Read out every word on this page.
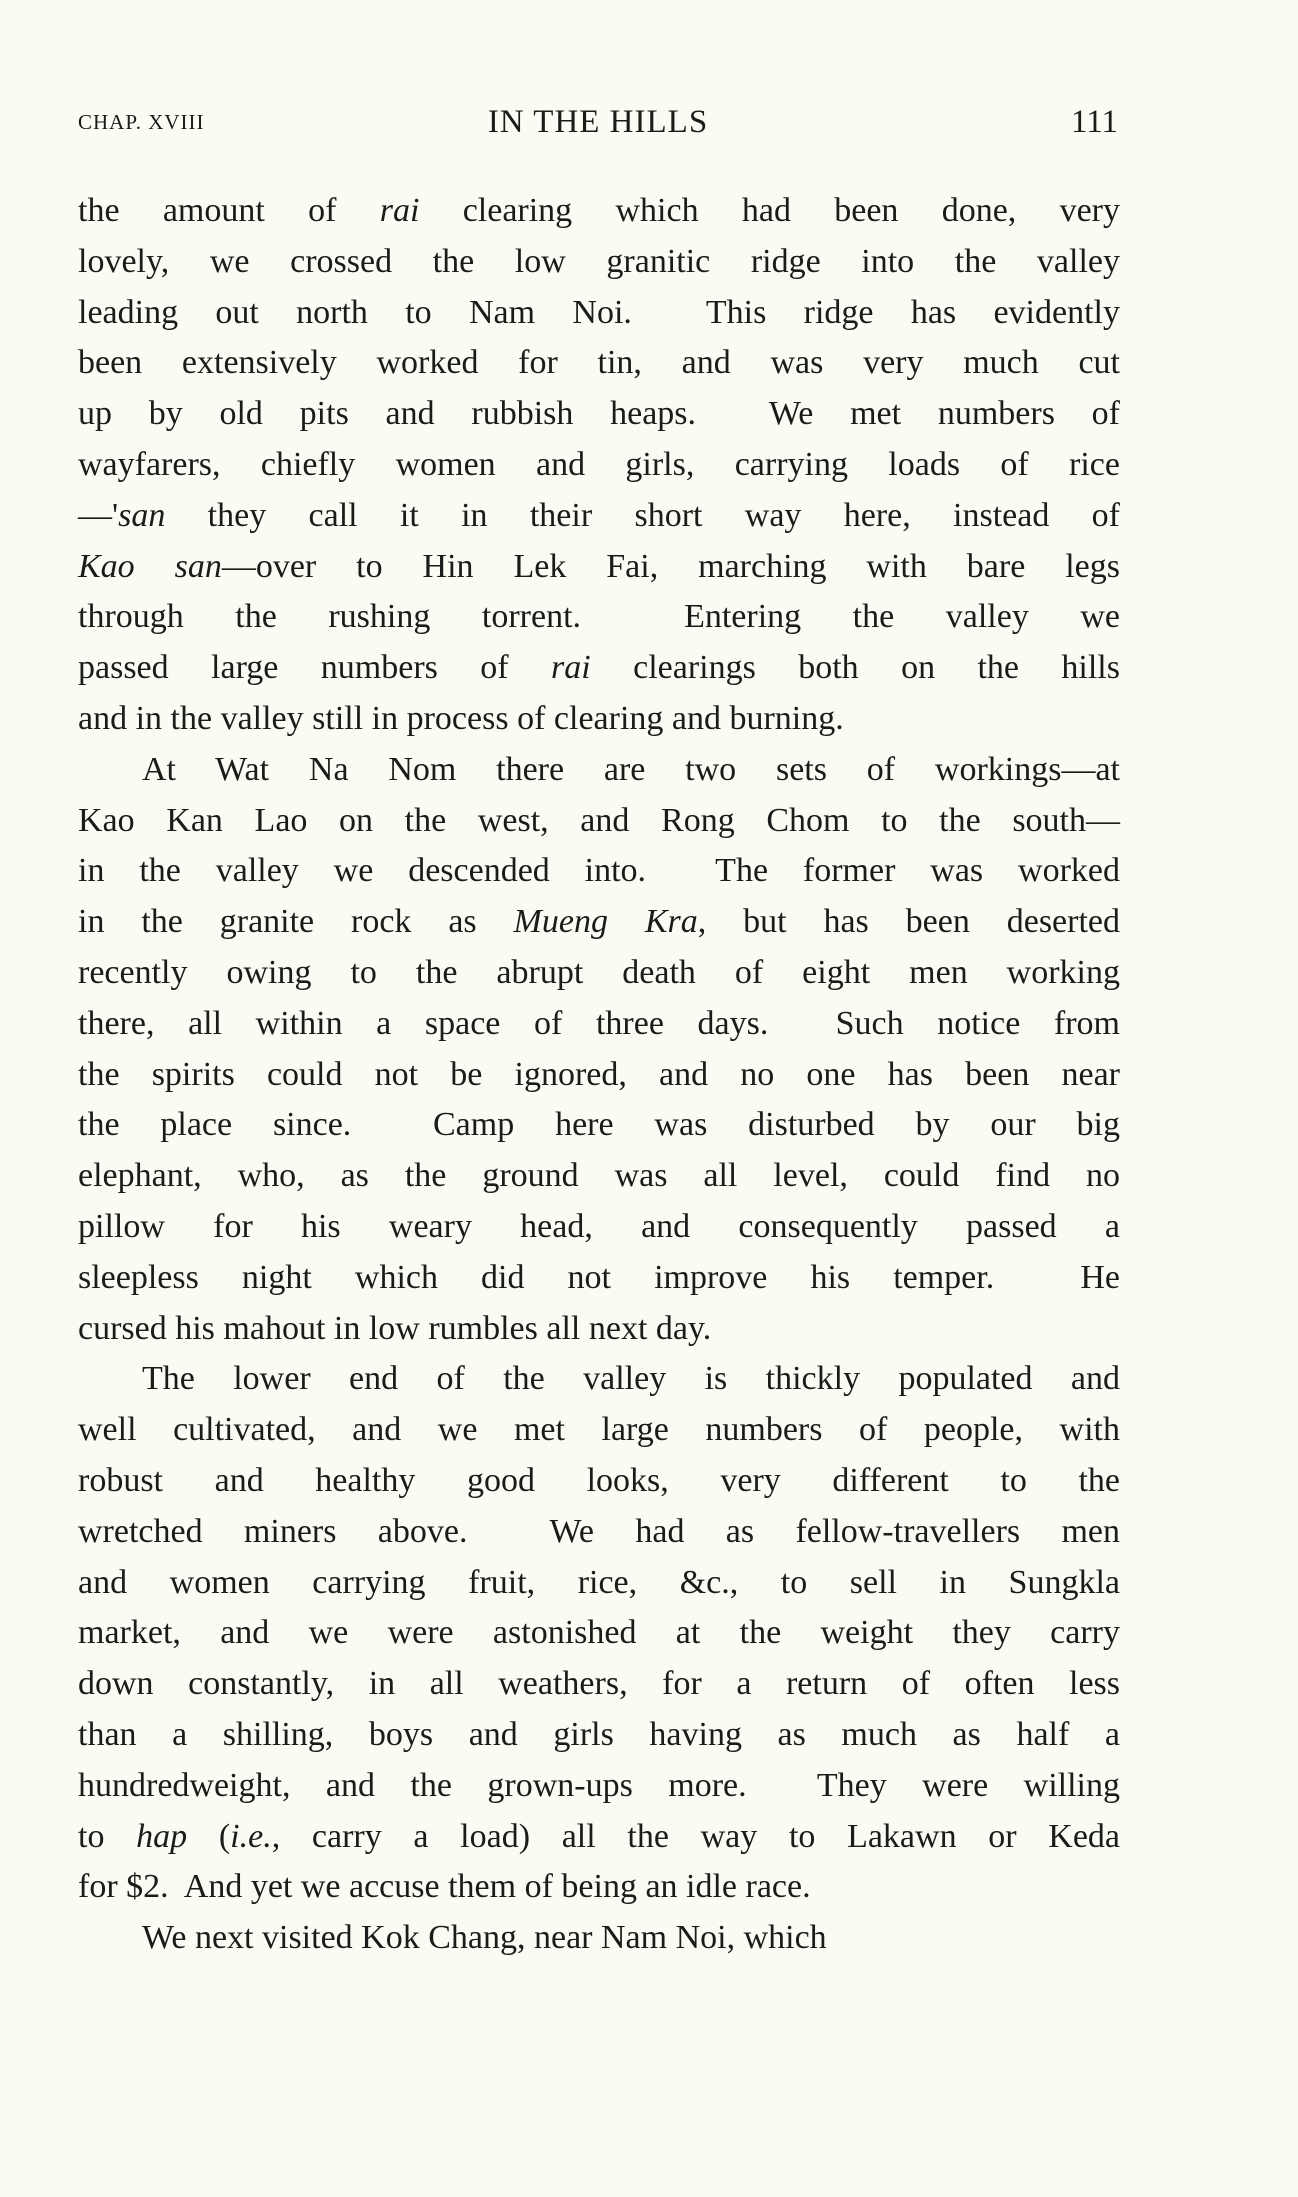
CHAP. XVIII	IN THE HILLS	111
the amount of rai clearing which had been done, very
lovely, we crossed the low granitic ridge into the valley
leading out north to Nam Noi.  This ridge has evidently
been extensively worked for tin, and was very much cut
up by old pits and rubbish heaps.  We met numbers of
wayfarers, chiefly women and girls, carrying loads of rice
—'san they call it in their short way here, instead of
Kao san—over to Hin Lek Fai, marching with bare legs
through the rushing torrent.  Entering the valley we
passed large numbers of rai clearings both on the hills
and in the valley still in process of clearing and burning.
At Wat Na Nom there are two sets of workings—at
Kao Kan Lao on the west, and Rong Chom to the south—
in the valley we descended into.  The former was worked
in the granite rock as Mueng Kra, but has been deserted
recently owing to the abrupt death of eight men working
there, all within a space of three days.  Such notice from
the spirits could not be ignored, and no one has been near
the place since.  Camp here was disturbed by our big
elephant, who, as the ground was all level, could find no
pillow for his weary head, and consequently passed a
sleepless night which did not improve his temper.  He
cursed his mahout in low rumbles all next day.
The lower end of the valley is thickly populated and
well cultivated, and we met large numbers of people, with
robust and healthy good looks, very different to the
wretched miners above.  We had as fellow-travellers men
and women carrying fruit, rice, &c., to sell in Sungkla
market, and we were astonished at the weight they carry
down constantly, in all weathers, for a return of often less
than a shilling, boys and girls having as much as half a
hundredweight, and the grown-ups more.  They were willing
to hap (i.e., carry a load) all the way to Lakawn or Keda
for $2.  And yet we accuse them of being an idle race.
We next visited Kok Chang, near Nam Noi, which
